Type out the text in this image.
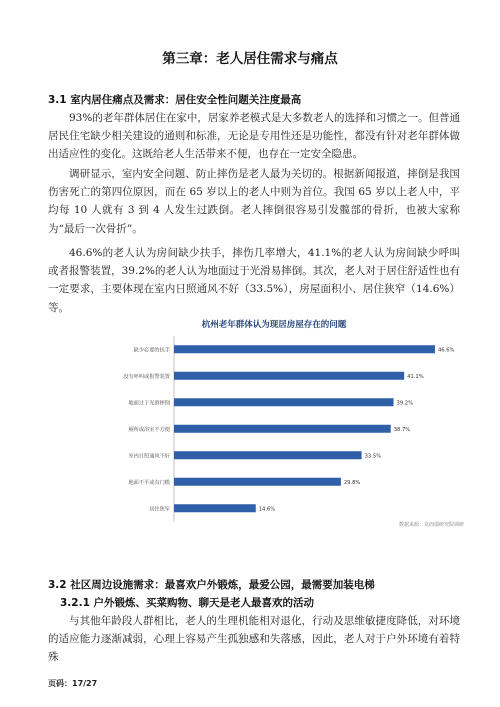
第三章：老人居住需求与痛点
3.1 室内居住痛点及需求：居住安全性问题关注度最高

93%的老年群体居住在家中，居家养老模式是大多数老人的选择和习惯之一。但普通居民住宅缺少相关建设的通则和标准，无论是专用性还是功能性，都没有针对老年群体做出适应性的变化。这既给老人生活带来不便，也存在一定安全隐患。

调研显示，室内安全问题、防止摔伤是老人最为关切的。根据新闻报道，摔倒是我国伤害死亡的第四位原因，而在 65 岁以上的老人中则为首位。我国 65 岁以上老人中，平均每 10 人就有 3 到 4 人发生过跌倒。老人摔倒很容易引发髋部的骨折，也被大家称为“最后一次骨折”。

46.6%的老人认为房间缺少扶手，摔伤几率增大，41.1%的老人认为房间缺少呼叫或者报警装置，39.2%的老人认为地面过于光滑易摔倒。其次，老人对于居住舒适性也有一定要求，主要体现在室内日照通风不好（33.5%），房屋面积小、居住狭窄（14.6%）等。

杭州老年群体认为现居房屋存在的问题
缺少必要的扶手	46.6%
没有呼叫或报警装置	41.1%
地面过于光滑摔倒	39.2%
厕所或浴室不方便	38.7%
室内日照通风不好	33.5%
地面不平或有门槛	29.8%
居住狭窄	14.6%
数据来源：克而瑞研究院调研
3.2 社区周边设施需求：最喜欢户外锻炼，最爱公园，最需要加装电梯
3.2.1 户外锻炼、买菜购物、聊天是老人最喜欢的活动

与其他年龄段人群相比，老人的生理机能相对退化，行动及思维敏捷度降低，对环境的适应能力逐渐减弱，心理上容易产生孤独感和失落感，因此，老人对于户外环境有着特殊

页码：17/27
